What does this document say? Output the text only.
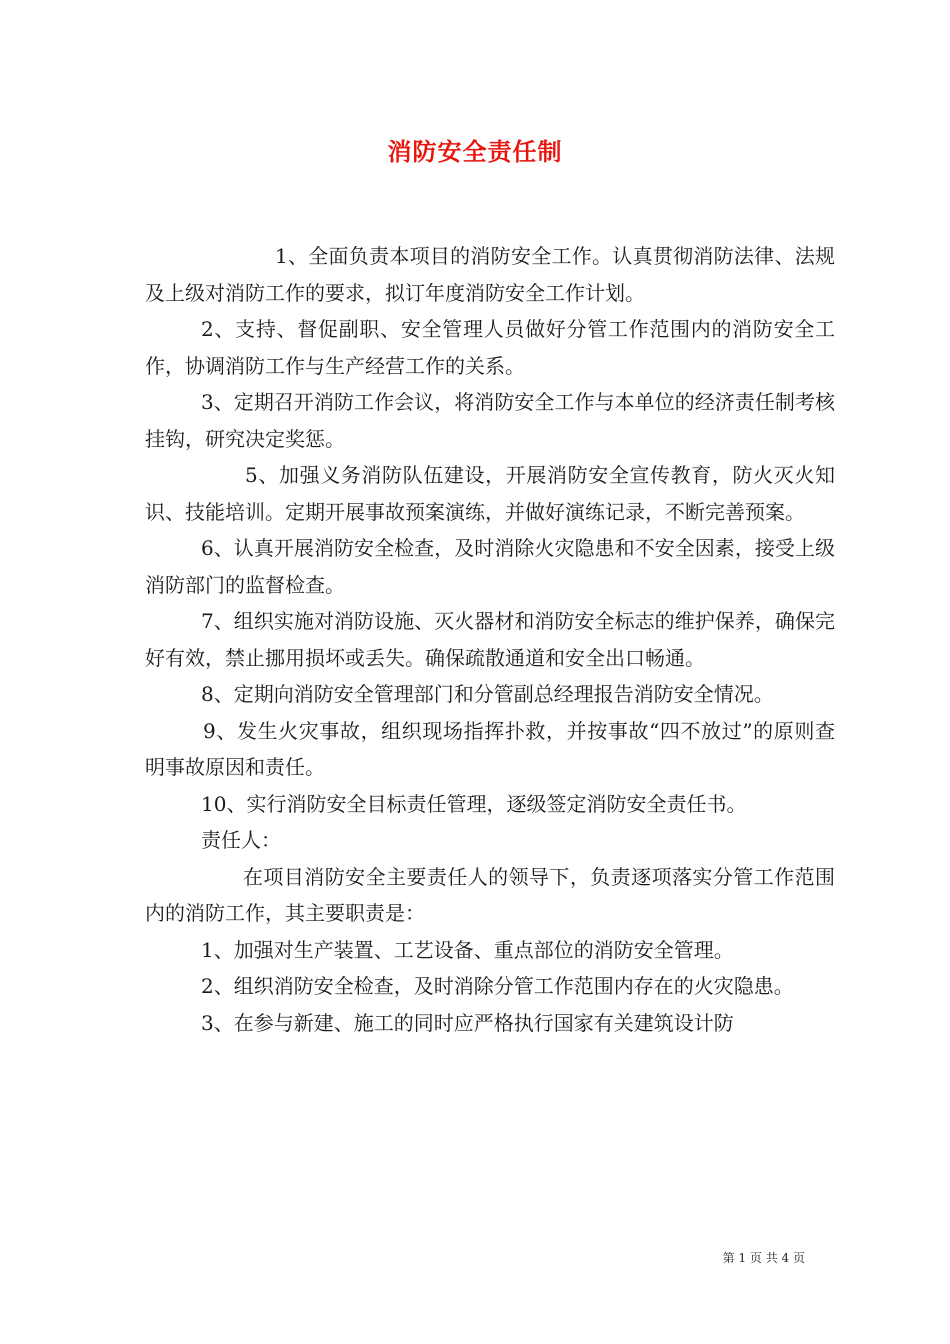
消防安全责任制

1、全面负责本项目的消防安全工作。认真贯彻消防法律、法规及上级对消防工作的要求，拟订年度消防安全工作计划。

2、支持、督促副职、安全管理人员做好分管工作范围内的消防安全工作，协调消防工作与生产经营工作的关系。

3、定期召开消防工作会议，将消防安全工作与本单位的经济责任制考核挂钩，研究决定奖惩。

5、加强义务消防队伍建设，开展消防安全宣传教育，防火灭火知识、技能培训。定期开展事故预案演练，并做好演练记录，不断完善预案。

6、认真开展消防安全检查，及时消除火灾隐患和不安全因素，接受上级消防部门的监督检查。

7、组织实施对消防设施、灭火器材和消防安全标志的维护保养，确保完好有效，禁止挪用损坏或丢失。确保疏散通道和安全出口畅通。

8、定期向消防安全管理部门和分管副总经理报告消防安全情况。

9、发生火灾事故，组织现场指挥扑救，并按事故“四不放过”的原则查明事故原因和责任。

10、实行消防安全目标责任管理，逐级签定消防安全责任书。

责任人：

在项目消防安全主要责任人的领导下，负责逐项落实分管工作范围内的消防工作，其主要职责是：

1、加强对生产装置、工艺设备、重点部位的消防安全管理。

2、组织消防安全检查，及时消除分管工作范围内存在的火灾隐患。

3、在参与新建、施工的同时应严格执行国家有关建筑设计防

第 1 页 共 4 页
